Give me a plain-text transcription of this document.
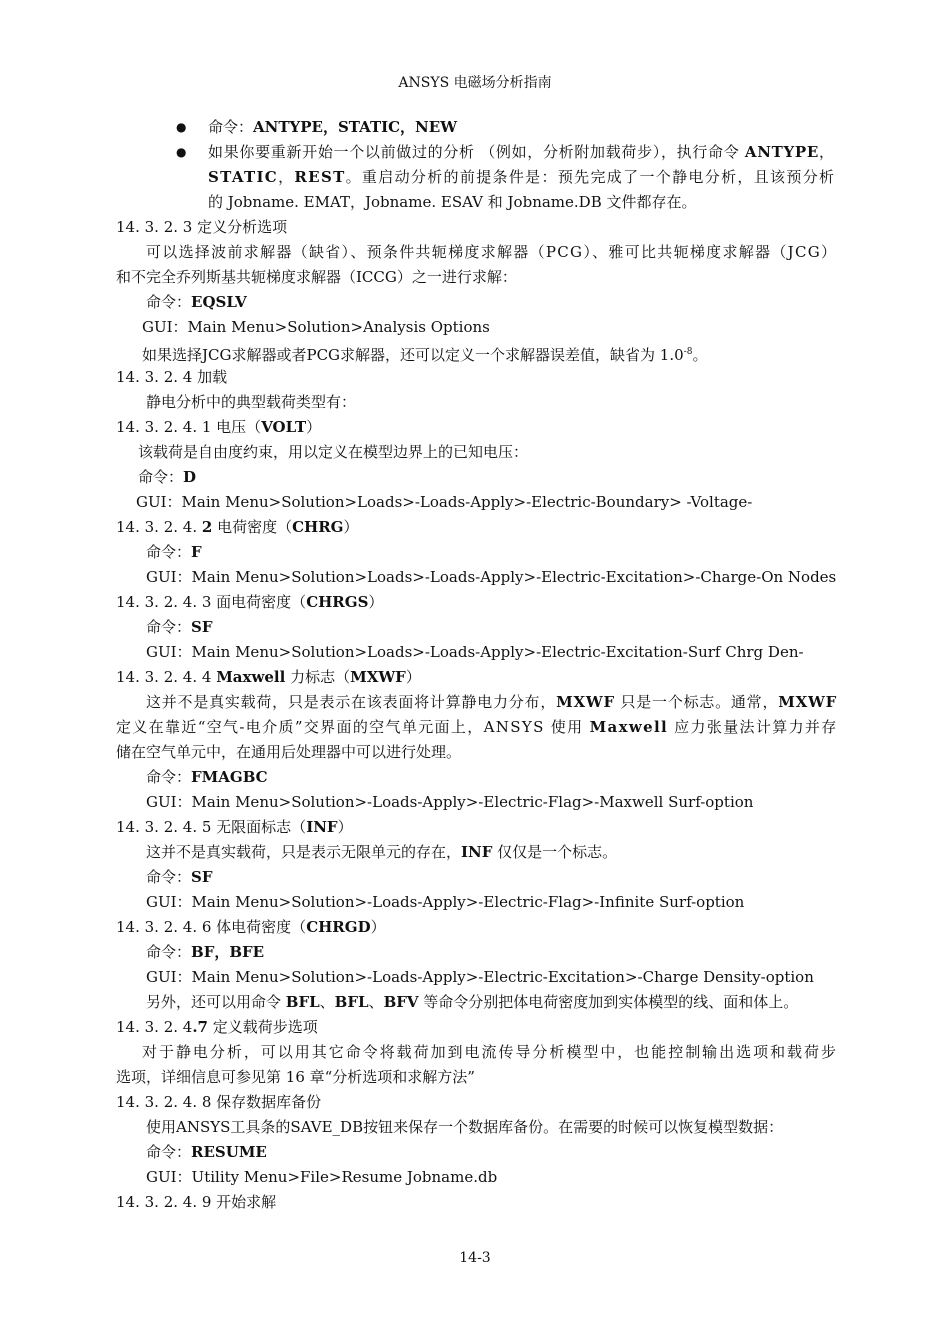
ANSYS 电磁场分析指南
命令：ANTYPE，STATIC，NEW
如果你要重新开始一个以前做过的分析 （例如，分析附加载荷步），执行命令 ANTYPE，
STATIC，REST。重启动分析的前提条件是：预先完成了一个静电分析，且该预分析
的 Jobname. EMAT，Jobname. ESAV 和 Jobname.DB 文件都存在。
14. 3. 2. 3 定义分析选项
可以选择波前求解器（缺省）、预条件共轭梯度求解器（PCG）、雅可比共轭梯度求解器（JCG）
和不完全乔列斯基共轭梯度求解器（ICCG）之一进行求解：
命令：EQSLV
GUI：Main Menu>Solution>Analysis Options
如果选择JCG求解器或者PCG求解器，还可以定义一个求解器误差值，缺省为 $1.0^{-8}$。
14. 3. 2. 4 加载
静电分析中的典型载荷类型有：
14. 3. 2. 4. 1 电压（VOLT）
该载荷是自由度约束，用以定义在模型边界上的已知电压：
命令：D
GUI：Main Menu>Solution>Loads>-Loads-Apply>-Electric-Boundary> -Voltage-
14. 3. 2. 4. 2 电荷密度（CHRG）
命令：F
GUI：Main Menu>Solution>Loads>-Loads-Apply>-Electric-Excitation>-Charge-On Nodes
14. 3. 2. 4. 3 面电荷密度（CHRGS）
命令：SF
GUI：Main Menu>Solution>Loads>-Loads-Apply>-Electric-Excitation-Surf Chrg Den-
14. 3. 2. 4. 4 Maxwell 力标志（MXWF）
这并不是真实载荷，只是表示在该表面将计算静电力分布，MXWF 只是一个标志。通常，MXWF
定义在靠近“空气-电介质”交界面的空气单元面上，ANSYS 使用 Maxwell 应力张量法计算力并存
储在空气单元中，在通用后处理器中可以进行处理。
命令：FMAGBC
GUI：Main Menu>Solution>-Loads-Apply>-Electric-Flag>-Maxwell Surf-option
14. 3. 2. 4. 5 无限面标志（INF）
这并不是真实载荷，只是表示无限单元的存在，INF 仅仅是一个标志。
命令：SF
GUI：Main Menu>Solution>-Loads-Apply>-Electric-Flag>-Infinite Surf-option
14. 3. 2. 4. 6 体电荷密度（CHRGD）
命令：BF，BFE
GUI：Main Menu>Solution>-Loads-Apply>-Electric-Excitation>-Charge Density-option
另外，还可以用命令 BFL、BFL、BFV 等命令分别把体电荷密度加到实体模型的线、面和体上。
14. 3. 2. 4.7 定义载荷步选项
对于静电分析，可以用其它命令将载荷加到电流传导分析模型中，也能控制输出选项和载荷步
选项，详细信息可参见第 16 章“分析选项和求解方法”
14. 3. 2. 4. 8 保存数据库备份
使用ANSYS工具条的SAVE_DB按钮来保存一个数据库备份。在需要的时候可以恢复模型数据：
命令：RESUME
GUI：Utility Menu>File>Resume Jobname.db
14. 3. 2. 4. 9 开始求解
●
●
14-3
